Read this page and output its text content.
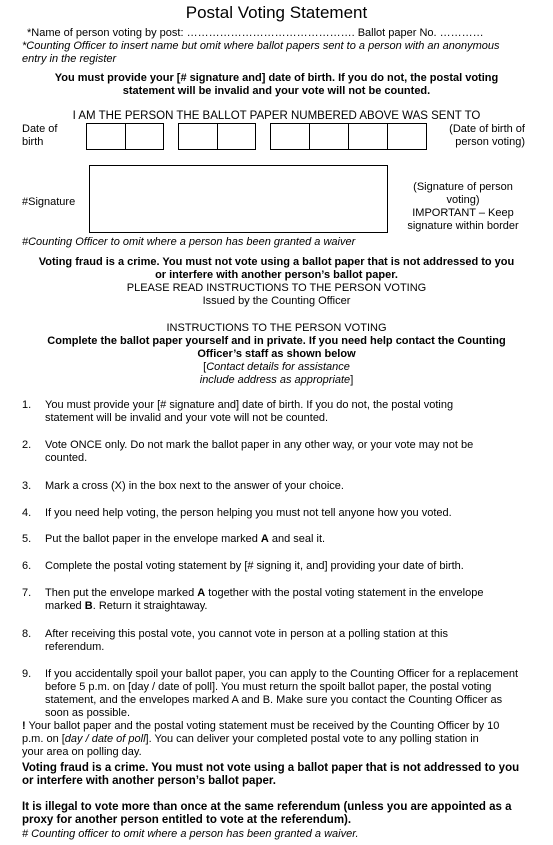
Postal Voting Statement
*Name of person voting by post: ………………………………………. Ballot paper No. …………
*Counting Officer to insert name but omit where ballot papers sent to a person with an anonymous entry in the register
You must provide your [# signature and] date of birth. If you do not, the postal voting
statement will be invalid and your vote will not be counted.
I AM THE PERSON THE BALLOT PAPER NUMBERED ABOVE WAS SENT TO
Date of
birth
(Date of birth of
person voting)
#Signature
(Signature of person
voting)
IMPORTANT – Keep
signature within border
#Counting Officer to omit where a person has been granted a waiver
Voting fraud is a crime. You must not vote using a ballot paper that is not addressed to you
or interfere with another person’s ballot paper.
PLEASE READ INSTRUCTIONS TO THE PERSON VOTING
Issued by the Counting Officer
INSTRUCTIONS TO THE PERSON VOTING
Complete the ballot paper yourself and in private. If you need help contact the Counting
Officer’s staff as shown below
[Contact details for assistance
include address as appropriate]
1. You must provide your [# signature and] date of birth. If you do not, the postal voting
statement will be invalid and your vote will not be counted.
2. Vote ONCE only. Do not mark the ballot paper in any other way, or your vote may not be
counted.
3. Mark a cross (X) in the box next to the answer of your choice.
4. If you need help voting, the person helping you must not tell anyone how you voted.
5. Put the ballot paper in the envelope marked A and seal it.
6. Complete the postal voting statement by [# signing it, and] providing your date of birth.
7. Then put the envelope marked A together with the postal voting statement in the envelope marked B. Return it straightaway.
8. After receiving this postal vote, you cannot vote in person at a polling station at this
referendum.
9. If you accidentally spoil your ballot paper, you can apply to the Counting Officer for a replacement before 5 p.m. on [day / date of poll]. You must return the spoilt ballot paper, the postal voting statement, and the envelopes marked A and B. Make sure you contact the Counting Officer as soon as possible.
! Your ballot paper and the postal voting statement must be received by the Counting Officer by 10
p.m. on [day / date of poll]. You can deliver your completed postal vote to any polling station in
your area on polling day.
Voting fraud is a crime. You must not vote using a ballot paper that is not addressed to you
or interfere with another person’s ballot paper.
It is illegal to vote more than once at the same referendum (unless you are appointed as a
proxy for another person entitled to vote at the referendum).
# Counting officer to omit where a person has been granted a waiver.
